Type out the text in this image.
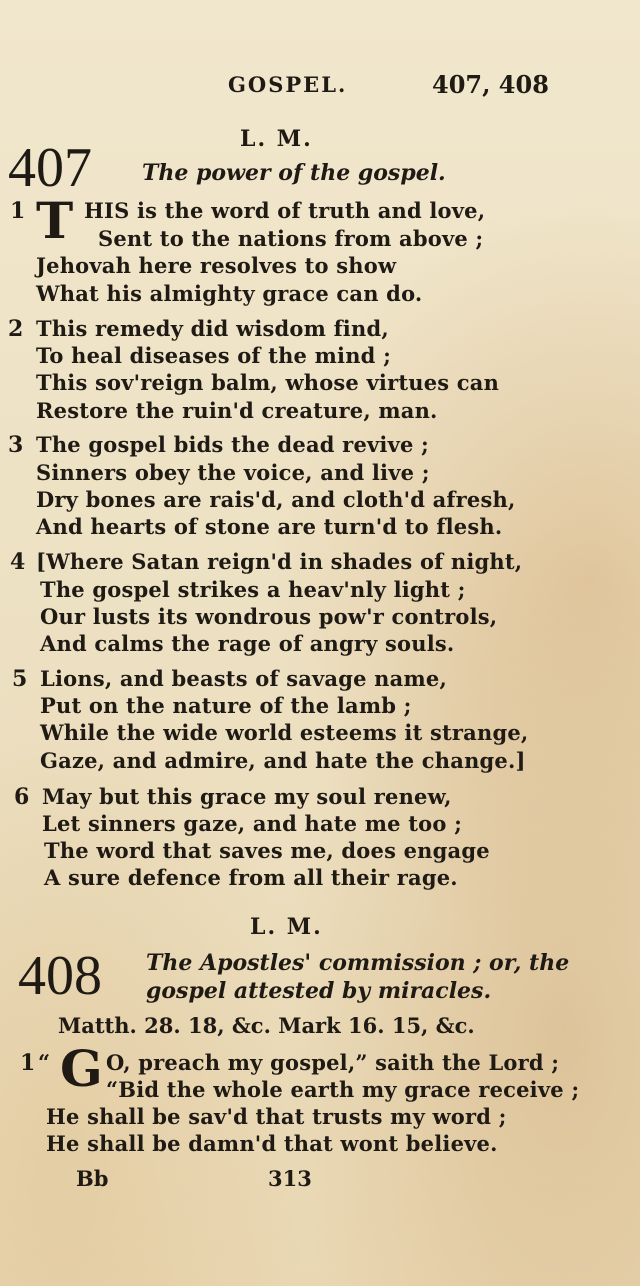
GOSPEL.	407, 408
L. M.
407 The power of the gospel.
1 T HIS is the word of truth and love,
Sent to the nations from above ;
Jehovah here resolves to show
What his almighty grace can do.
2 This remedy did wisdom find,
To heal diseases of the mind ;
This sov'reign balm, whose virtues can
Restore the ruin'd creature, man.
3 The gospel bids the dead revive ;
Sinners obey the voice, and live ;
Dry bones are rais'd, and cloth'd afresh,
And hearts of stone are turn'd to flesh.
4 [Where Satan reign'd in shades of night,
The gospel strikes a heav'nly light ;
Our lusts its wondrous pow'r controls,
And calms the rage of angry souls.
5 Lions, and beasts of savage name,
Put on the nature of the lamb ;
While the wide world esteems it strange,
Gaze, and admire, and hate the change.]
6 May but this grace my soul renew,
Let sinners gaze, and hate me too ;
The word that saves me, does engage
A sure defence from all their rage.
L. M.
408 The Apostles' commission ; or, the
gospel attested by miracles.
Matth. 28. 18, &c. Mark 16. 15, &c.
1 “ G O, preach my gospel,” saith the Lord ;
“Bid the whole earth my grace receive ;
He shall be sav'd that trusts my word ;
He shall be damn'd that wont believe.
Bb	313
